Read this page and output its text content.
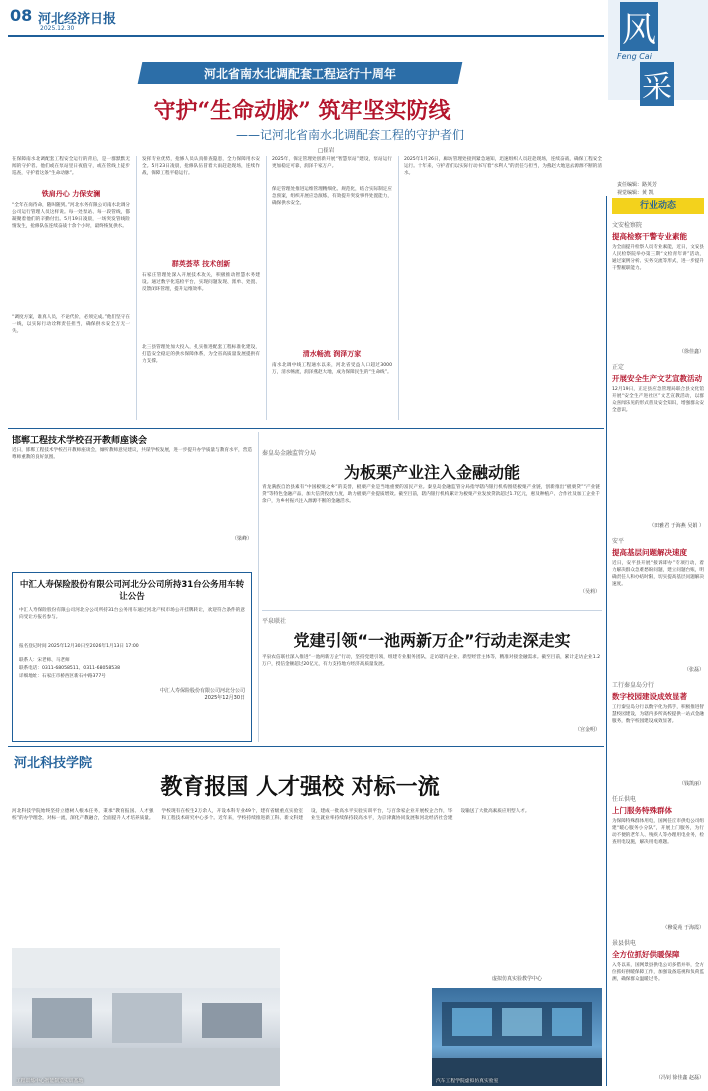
08 河北经济日报
2025.12.30	风
Feng Cai
采
责任编辑：路英芳
视觉编辑：黄 凯
河北省南水北调配套工程运行十周年
守护“生命动脉” 筑牢坚实防线
——记河北省南水北调配套工程的守护者们
□崔岩
在保障南水北调配套工程安全运行的背后，是一群默默无闻的守护者。他们或在泵站里日夜值守，或在管线上徒步巡查，守护着这条“生命动脉”。
铁肩丹心 力保安澜
“全年在岗待命，随叫随到。”河北水务有限公司南水北调分公司运行管理人员这样说。每一处泵站、每一段管线，都凝聚着他们的辛勤付出。5月19日凌晨，一场突发管线险情发生，抢修队伍连续奋战十余个小时，最终恢复供水。
“调度方案，谁真人员，不论代价，必须完成。”他们坚守在一线，以实际行动诠释责任担当，确保供水安全万无一失。
发挥专业优势，抢修人员认真排查隐患，全力保障用水安全。5月23日凌晨，抢修队伍冒着大雨赶赴现场，连续作战，保障工程平稳运行。
群英荟萃 技术创新
石家庄管理处深入开展技术攻关，积极推动智慧水务建设。通过数字化巡检平台，实现问题发现、派单、处置、反馈闭环管理，提升运维效率。
北三县管理处加大投入，扎实推进配套工程标准化建设，打造安全稳定的供水保障体系，为全省高质量发展提供有力支撑。
2025年，保定管理处创新开展“智慧泵站”建设，泵站运行更加稳定可靠，润泽千家万户。
保定管理处推进运维管理精细化、规范化，结合实际制定应急预案，组织开展应急演练，有效提升突发事件处置能力，确保供水安全。
清水畅流 润泽万家
南水北调中线工程通水以来，河北省受益人口超过3000万，清水畅流，润泽燕赵大地，成为保障民生的“生命线”。
2025年1月26日，廊坊管理处接到紧急通知，迅速组织人员赶赴现场，连续奋战，确保工程安全运行。十年来，守护者们以实际行动书写着“水利人”的责任与担当，为燕赵大地送去源源不断的清水。
邯郸工程技术学校召开教师座谈会
近日，邯郸工程技术学校召开教师座谈会，倾听教师意见建议，共谋学校发展，进一步提升办学质量与教育水平，营造尊师重教的良好氛围。
（梁峰）
中汇人寿保险股份有限公司河北分公司所持31台公务用车转让公告
中汇人寿保险股份有限公司河北分公司所持31台公务用车通过河北产权市场公开挂牌转让，欢迎符合条件的意向受让方报名参与。
报名登记时间 2025年12月30日至2026年1月13日 17:00
联系人：宋老师、马老师
联系电话：0311-68058511、0311-68058538
详细地址：石家庄市桥西区新石中路377号
中汇人寿保险股份有限公司河北分公司
2025年12月30日
秦皇岛金融监管分局
为板栗产业注入金融动能
青龙满族自治县素有“中国板栗之乡”的美誉，板栗产业是当地重要的富民产业。秦皇岛金融监管分局指导辖内银行机构围绕板栗产业链，创新推出“板栗贷”“产业链贷”等特色金融产品，加大信贷投放力度，助力板栗产业提质增效。截至目前，辖内银行机构累计为板栗产业发放贷款超过1.7亿元，惠及种植户、合作社及加工企业千余户，为乡村振兴注入源源不断的金融活水。
（吴莉）
平泉联社
党建引领“一池两新万企”行动走深走实
平泉农信联社深入推进“一池两新万企”行动，坚持党建引领，组建专业服务团队，走访辖内企业、新型经营主体等，精准对接金融需求。截至目前，累计走访企业1.2万户，授信金额超过20亿元，有力支持地方经济高质量发展。
（宫金明）
河北科技学院
教育报国 人才强校 对标一流
河北科技学院始终坚持立德树人根本任务，秉承“教育报国、人才强校”的办学理念，对标一流，深化产教融合，全面提升人才培养质量。学校现有在校生2万余人，开设本科专业49个，建有省级重点实验室和工程技术研究中心多个。近年来，学校持续推进新工科、新文科建设，建成一批高水平实验实训平台，与百余家企业开展校企合作，毕业生就业率持续保持较高水平，为京津冀协同发展和河北经济社会建设输送了大批高素质应用型人才。
工程训练中心智能制造实训基地	汽车工程学院虚拟仿真实验室
虚拟仿真实验教学中心
行业动态
文安检察院
提高检察干警专业素能
为全面提升检察人员专业素能，近日，文安县人民检察院举办第三期“文检青年讲”活动，通过案例分析、实务交流等形式，进一步提升干警履职能力。
（徐佳鑫）
正定
开展安全生产文艺宣教活动
12月19日，正定县应急管理局联合县文化馆开展“安全生产进社区”文艺宣教活动，以群众喜闻乐见的形式普及安全知识，增强群众安全意识。
（田雅君 于海燕 吴娟 ）
安平
提高基层问题解决速度
近日，安平县开展“接诉即办”专项行动，着力解决群众急难愁盼问题，建立问题台账，明确责任人和办结时限，切实提高基层问题解决速度。
（张磊）
工行秦皇岛分行
数字校园建设成效显著
工行秦皇岛分行以数字化为抓手，积极推进智慧校园建设，为辖内多所高校提供一站式金融服务，数字校园建设成效显著。
（钱凯丽）
任丘供电
上门服务特殊群体
为保障特殊群体用电，国网任丘市供电公司组建“暖心服务小分队”，开展上门服务，为行动不便的老年人、残疾人等办理用电业务，检查用电设施，解决用电难题。
（穆爱苑 于海霞）
景县供电
全方位抓好供暖保障
入冬以来，国网景县供电公司多措并举，全方位抓好供暖保障工作，加强设备巡视和负荷监测，确保群众温暖过冬。
（冯钊 徐佳鑫 赵磊）
